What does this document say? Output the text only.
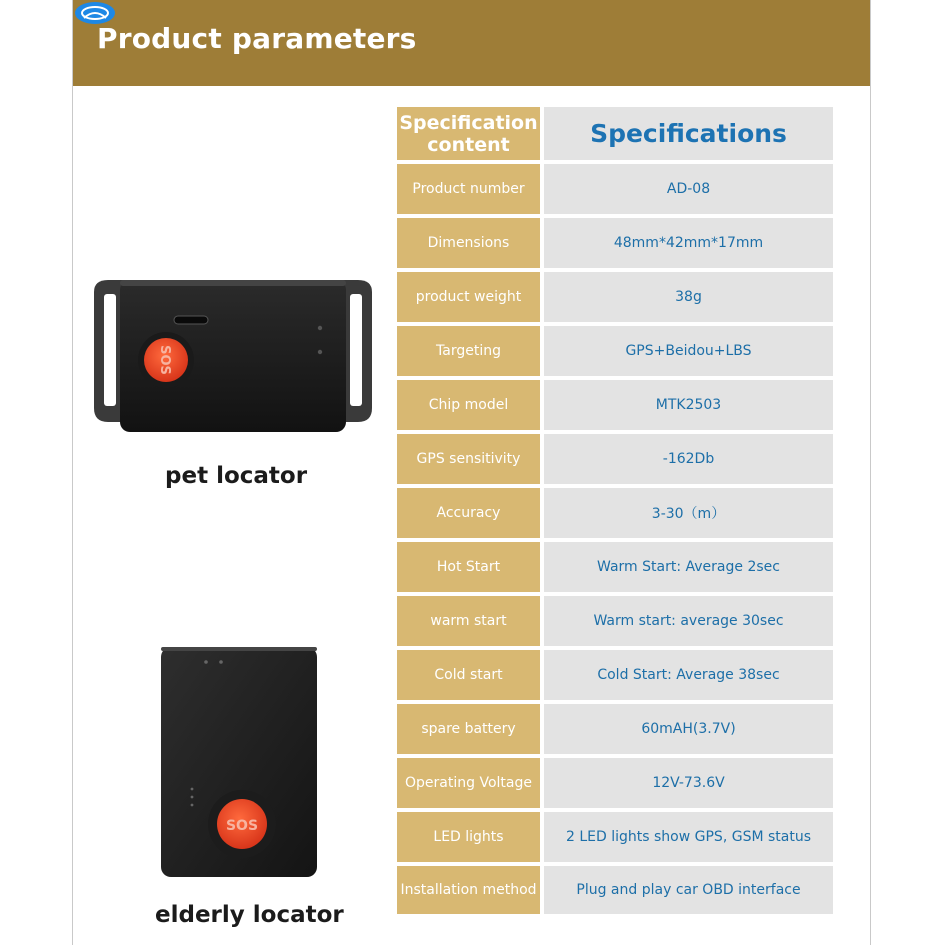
Product parameters
Specification content	Specifications
Product number	AD-08
Dimensions	48mm*42mm*17mm
product weight	38g
Targeting	GPS+Beidou+LBS
Chip model	MTK2503
GPS sensitivity	-162Db
Accuracy	3-30（m）
Hot Start	Warm Start: Average 2sec
warm start	Warm start: average 30sec
Cold start	Cold Start: Average 38sec
spare battery	60mAH(3.7V)
Operating Voltage	12V-73.6V
LED lights	2 LED lights show GPS, GSM status
Installation method	Plug and play car OBD interface
SOS
pet locator
SOS
elderly locator
